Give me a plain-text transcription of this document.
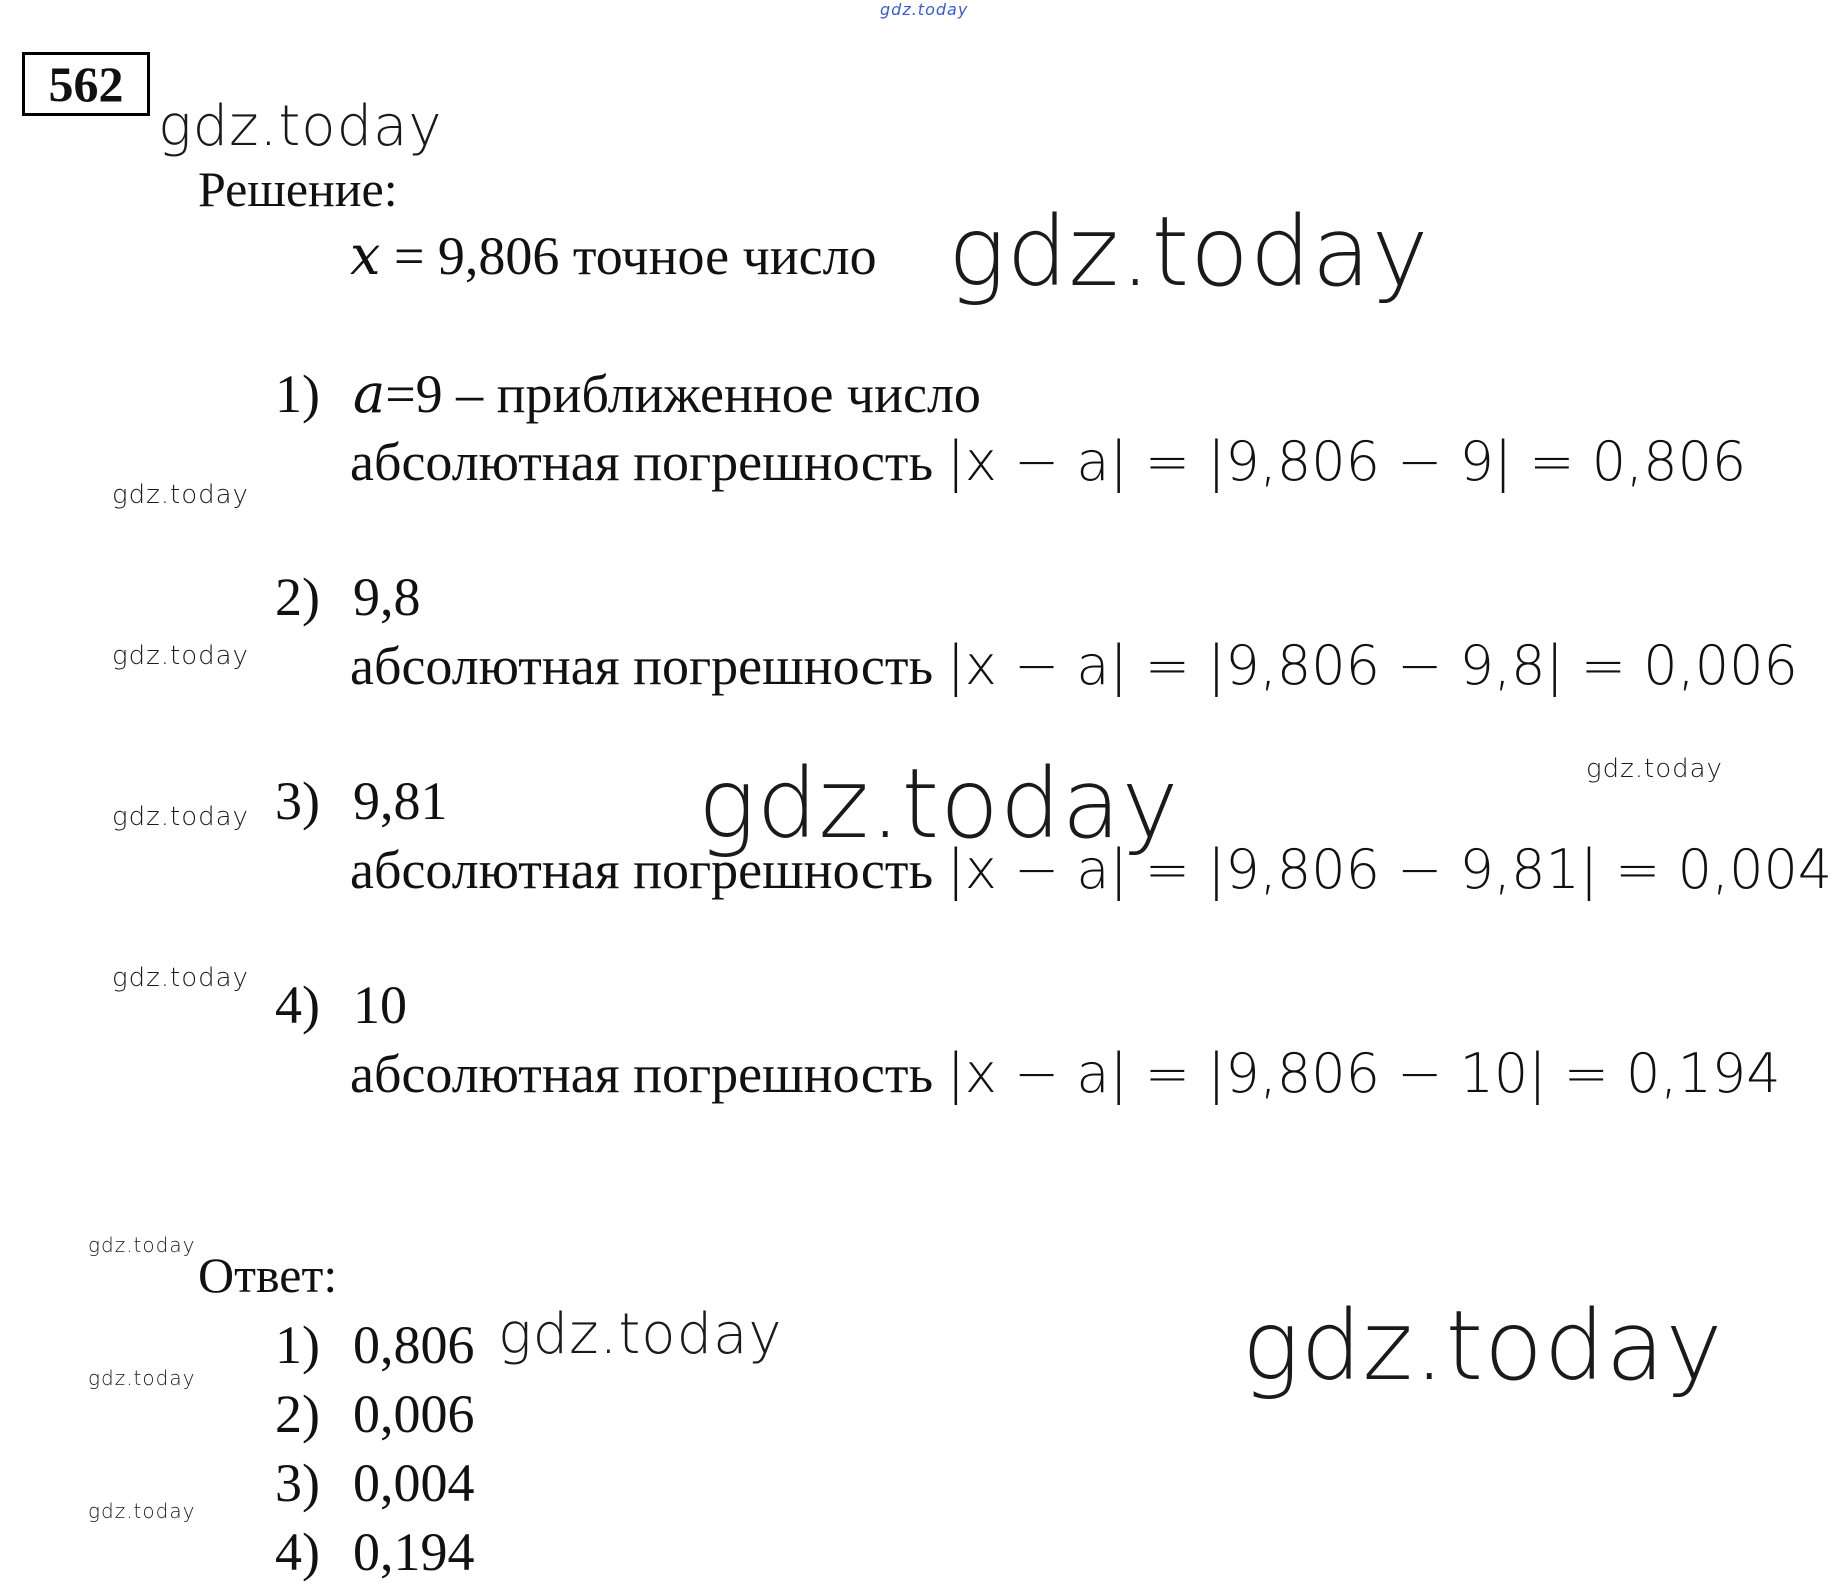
gdz.today
gdz.today
gdz.today
gdz.today
gdz.today
gdz.today	gdz.today	gdz.today
gdz.today
gdz.today
gdz.today
gdz.today
gdz.today	gdz.today
562
Решение:
x = 9,806 точное число
1) a=9 – приближенное число
абсолютная погрешность |x − a| = |9,806 − 9| = 0,806
2) 9,8
абсолютная погрешность |x − a| = |9,806 − 9,8| = 0,006
3) 9,81
абсолютная погрешность |x − a| = |9,806 − 9,81| = 0,004
4) 10
абсолютная погрешность |x − a| = |9,806 − 10| = 0,194
Ответ:
1) 0,806
2) 0,006
3) 0,004
4) 0,194
